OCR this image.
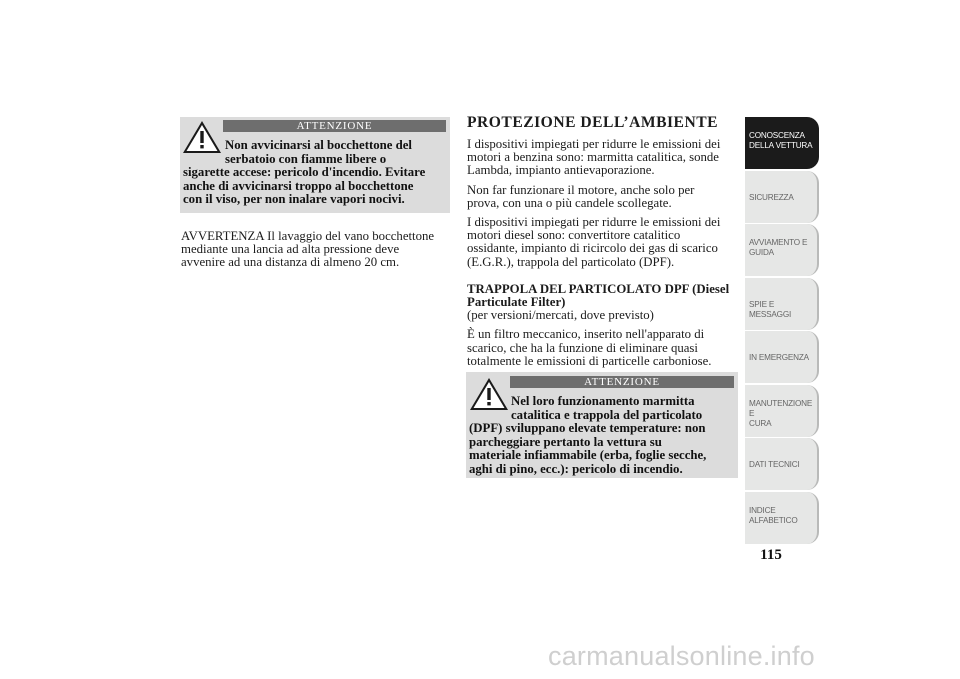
ATTENZIONE
Non avvicinarsi al bocchettone del
serbatoio con fiamme libere o
sigarette accese: pericolo d'incendio. Evitare
anche di avvicinarsi troppo al bocchettone
con il viso, per non inalare vapori nocivi.
AVVERTENZA Il lavaggio del vano bocchettone
mediante una lancia ad alta pressione deve
avvenire ad una distanza di almeno 20 cm.
PROTEZIONE DELL’AMBIENTE

I dispositivi impiegati per ridurre le emissioni dei
motori a benzina sono: marmitta catalitica, sonde
Lambda, impianto antievaporazione.

Non far funzionare il motore, anche solo per
prova, con una o più candele scollegate.

I dispositivi impiegati per ridurre le emissioni dei
motori diesel sono: convertitore catalitico
ossidante, impianto di ricircolo dei gas di scarico
(E.G.R.), trappola del particolato (DPF).

TRAPPOLA DEL PARTICOLATO DPF (Diesel
Particulate Filter)
(per versioni/mercati, dove previsto)

È un filtro meccanico, inserito nell'apparato di
scarico, che ha la funzione di eliminare quasi
totalmente le emissioni di particelle carboniose.

ATTENZIONE
Nel loro funzionamento marmitta
catalitica e trappola del particolato
(DPF) sviluppano elevate temperature: non
parcheggiare pertanto la vettura su
materiale infiammabile (erba, foglie secche,
aghi di pino, ecc.): pericolo di incendio.
CONOSCENZA
DELLA VETTURA
SICUREZZA
AVVIAMENTO E
GUIDA
SPIE E MESSAGGI
IN EMERGENZA
MANUTENZIONE E
CURA
DATI TECNICI
INDICE
ALFABETICO
115
carmanualsonline.info
